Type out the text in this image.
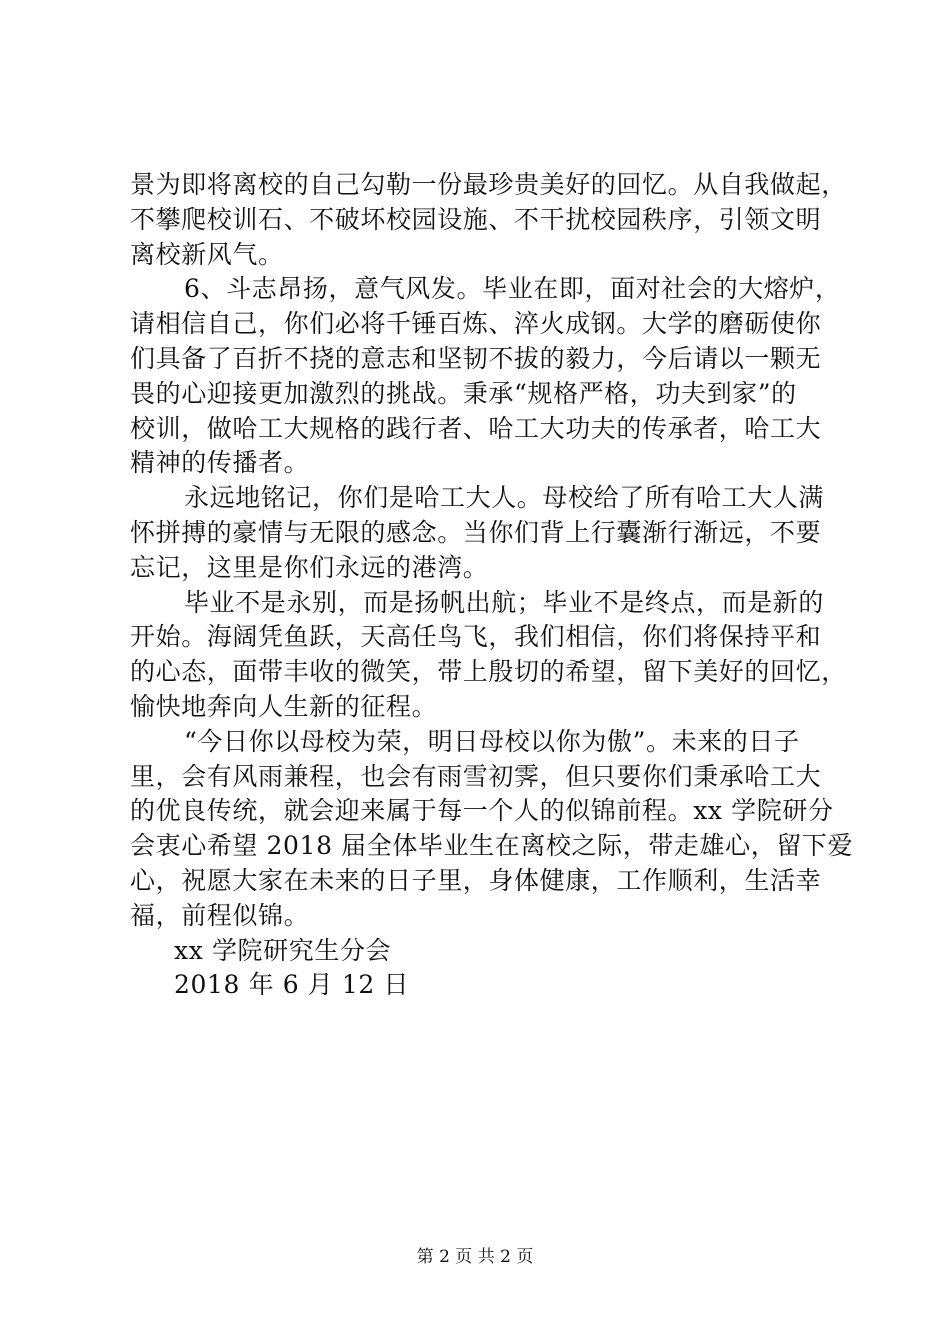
景为即将离校的自己勾勒一份最珍贵美好的回忆。从自我做起，
不攀爬校训石、不破坏校园设施、不干扰校园秩序，引领文明
离校新风气。
6、斗志昂扬，意气风发。毕业在即，面对社会的大熔炉，
请相信自己，你们必将千锤百炼、淬火成钢。大学的磨砺使你
们具备了百折不挠的意志和坚韧不拔的毅力，今后请以一颗无
畏的心迎接更加激烈的挑战。秉承“规格严格，功夫到家”的
校训，做哈工大规格的践行者、哈工大功夫的传承者，哈工大
精神的传播者。
永远地铭记，你们是哈工大人。母校给了所有哈工大人满
怀拼搏的豪情与无限的感念。当你们背上行囊渐行渐远，不要
忘记，这里是你们永远的港湾。
毕业不是永别，而是扬帆出航；毕业不是终点，而是新的
开始。海阔凭鱼跃，天高任鸟飞，我们相信，你们将保持平和
的心态，面带丰收的微笑，带上殷切的希望，留下美好的回忆，
愉快地奔向人生新的征程。
“今日你以母校为荣，明日母校以你为傲”。未来的日子
里，会有风雨兼程，也会有雨雪初霁，但只要你们秉承哈工大
的优良传统，就会迎来属于每一个人的似锦前程。xx 学院研分
会衷心希望 2018 届全体毕业生在离校之际，带走雄心，留下爱
心，祝愿大家在未来的日子里，身体健康，工作顺利，生活幸
福，前程似锦。
xx 学院研究生分会
2018 年 6 月 12 日
第 2 页 共 2 页
